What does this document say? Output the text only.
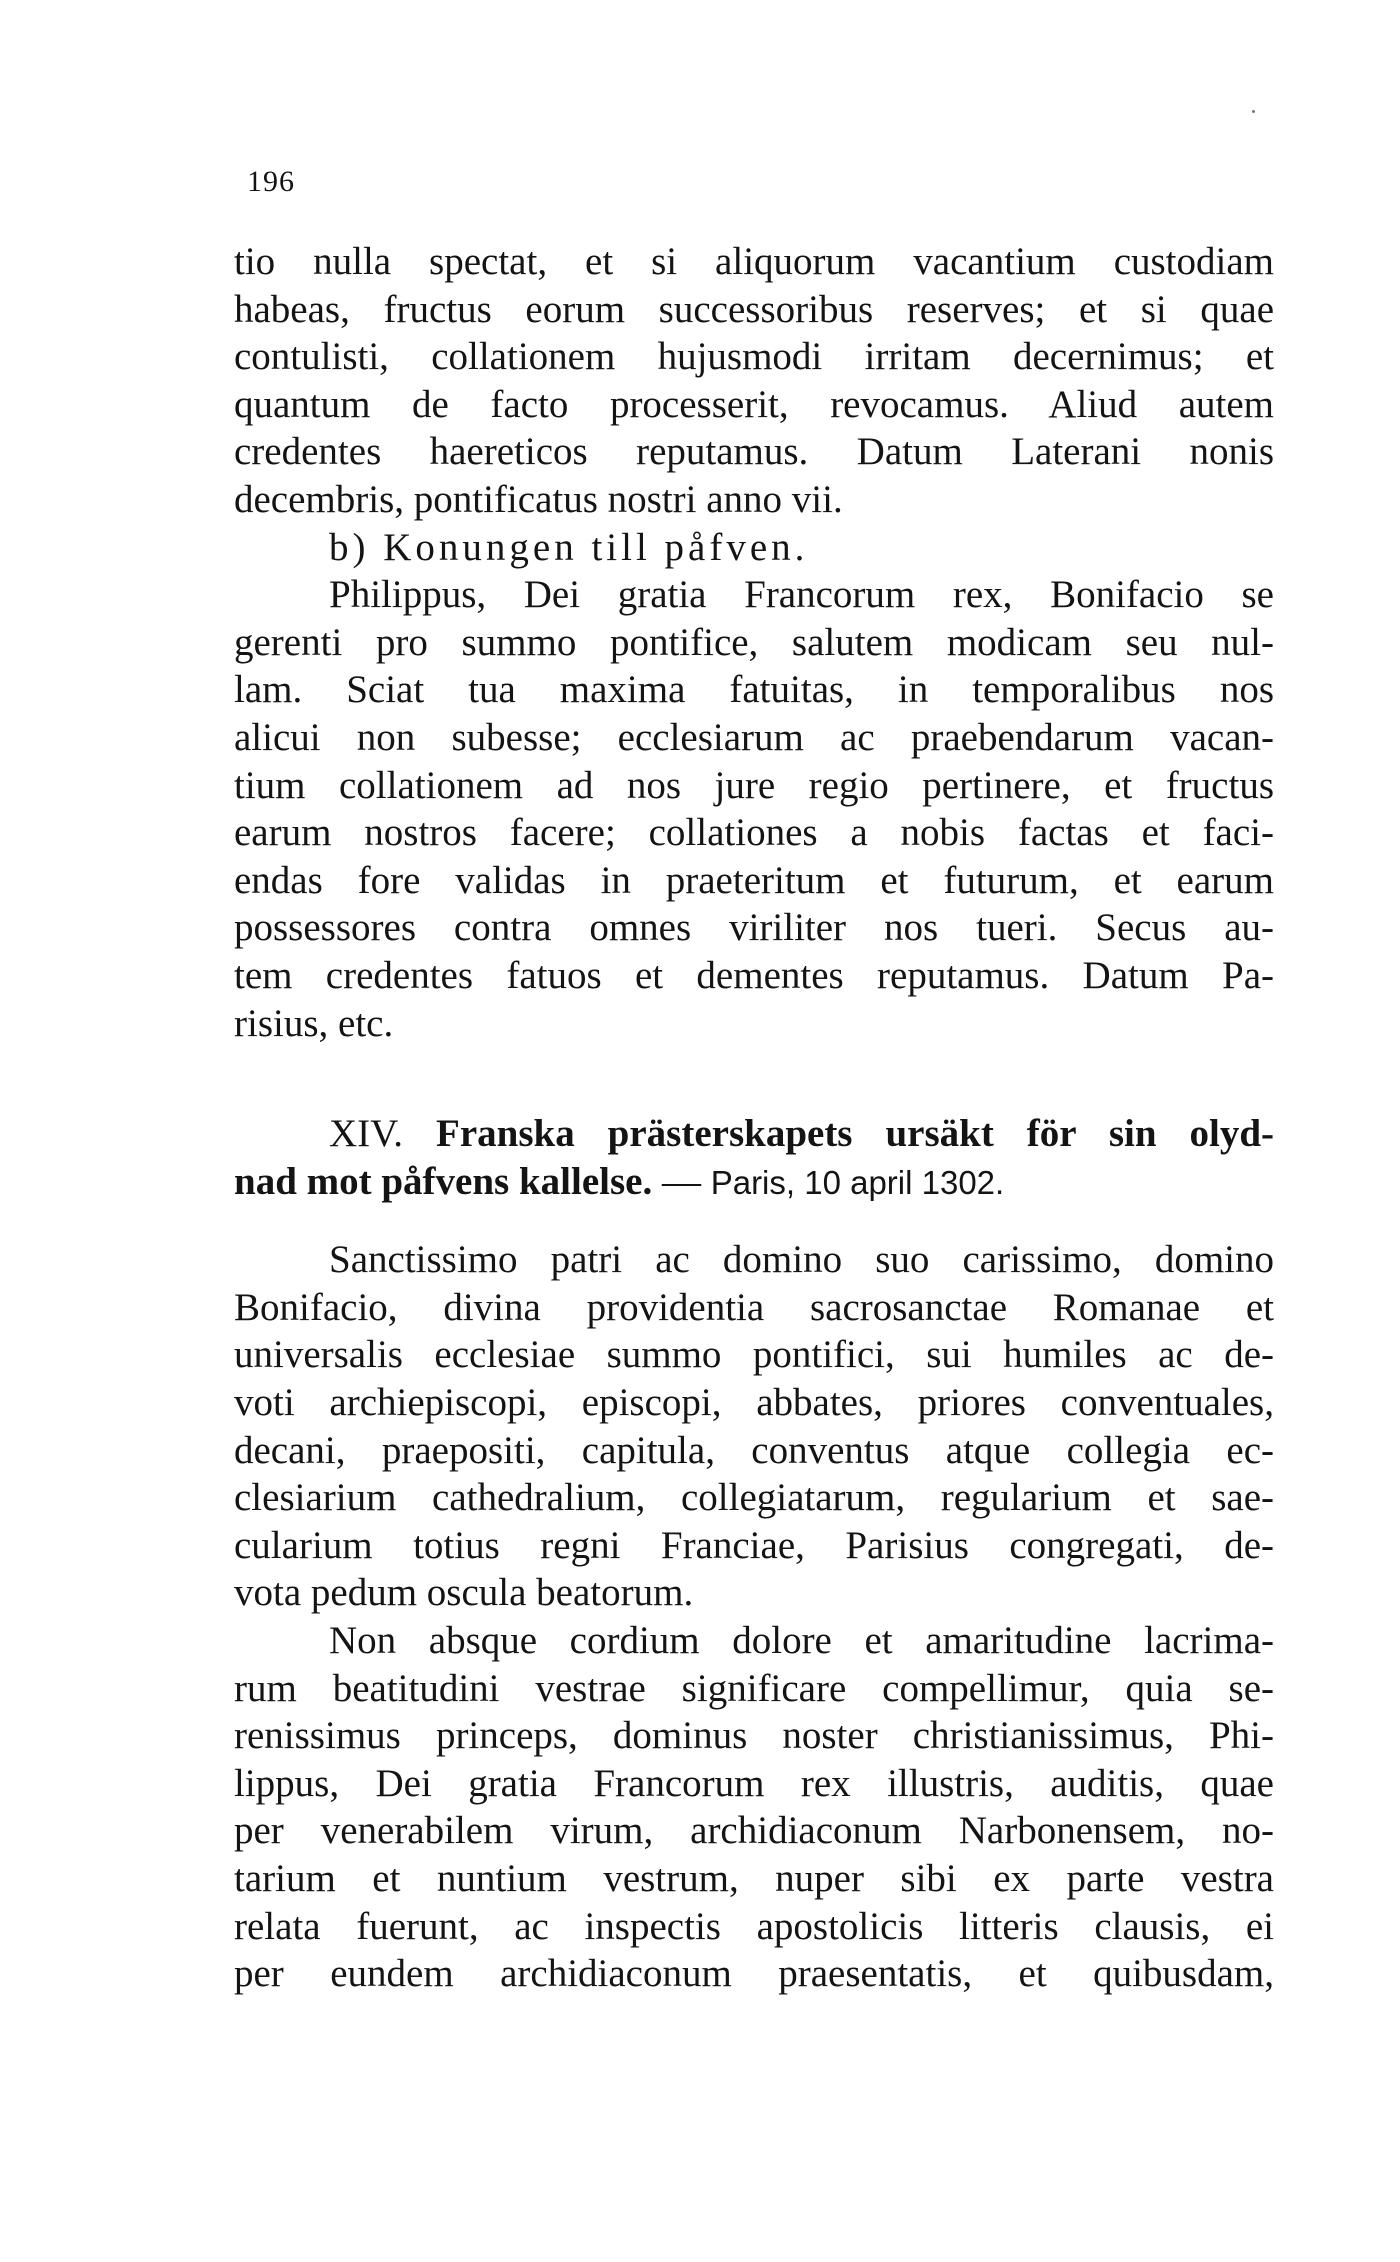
196
tio nulla spectat, et si aliquorum vacantium custodiam
habeas, fructus eorum successoribus reserves; et si quae
contulisti, collationem hujusmodi irritam decernimus; et
quantum de facto processerit, revocamus. Aliud autem
credentes haereticos reputamus. Datum Laterani nonis
decembris, pontificatus nostri anno vii.
b) Konungen till påfven.
Philippus, Dei gratia Francorum rex, Bonifacio se
gerenti pro summo pontifice, salutem modicam seu nul-
lam. Sciat tua maxima fatuitas, in temporalibus nos
alicui non subesse; ecclesiarum ac praebendarum vacan-
tium collationem ad nos jure regio pertinere, et fructus
earum nostros facere; collationes a nobis factas et faci-
endas fore validas in praeteritum et futurum, et earum
possessores contra omnes viriliter nos tueri. Secus au-
tem credentes fatuos et dementes reputamus. Datum Pa-
risius, etc.
XIV. Franska prästerskapets ursäkt för sin olyd-
nad mot påfvens kallelse. — Paris, 10 april 1302.
Sanctissimo patri ac domino suo carissimo, domino
Bonifacio, divina providentia sacrosanctae Romanae et
universalis ecclesiae summo pontifici, sui humiles ac de-
voti archiepiscopi, episcopi, abbates, priores conventuales,
decani, praepositi, capitula, conventus atque collegia ec-
clesiarium cathedralium, collegiatarum, regularium et sae-
cularium totius regni Franciae, Parisius congregati, de-
vota pedum oscula beatorum.
Non absque cordium dolore et amaritudine lacrima-
rum beatitudini vestrae significare compellimur, quia se-
renissimus princeps, dominus noster christianissimus, Phi-
lippus, Dei gratia Francorum rex illustris, auditis, quae
per venerabilem virum, archidiaconum Narbonensem, no-
tarium et nuntium vestrum, nuper sibi ex parte vestra
relata fuerunt, ac inspectis apostolicis litteris clausis, ei
per eundem archidiaconum praesentatis, et quibusdam,
